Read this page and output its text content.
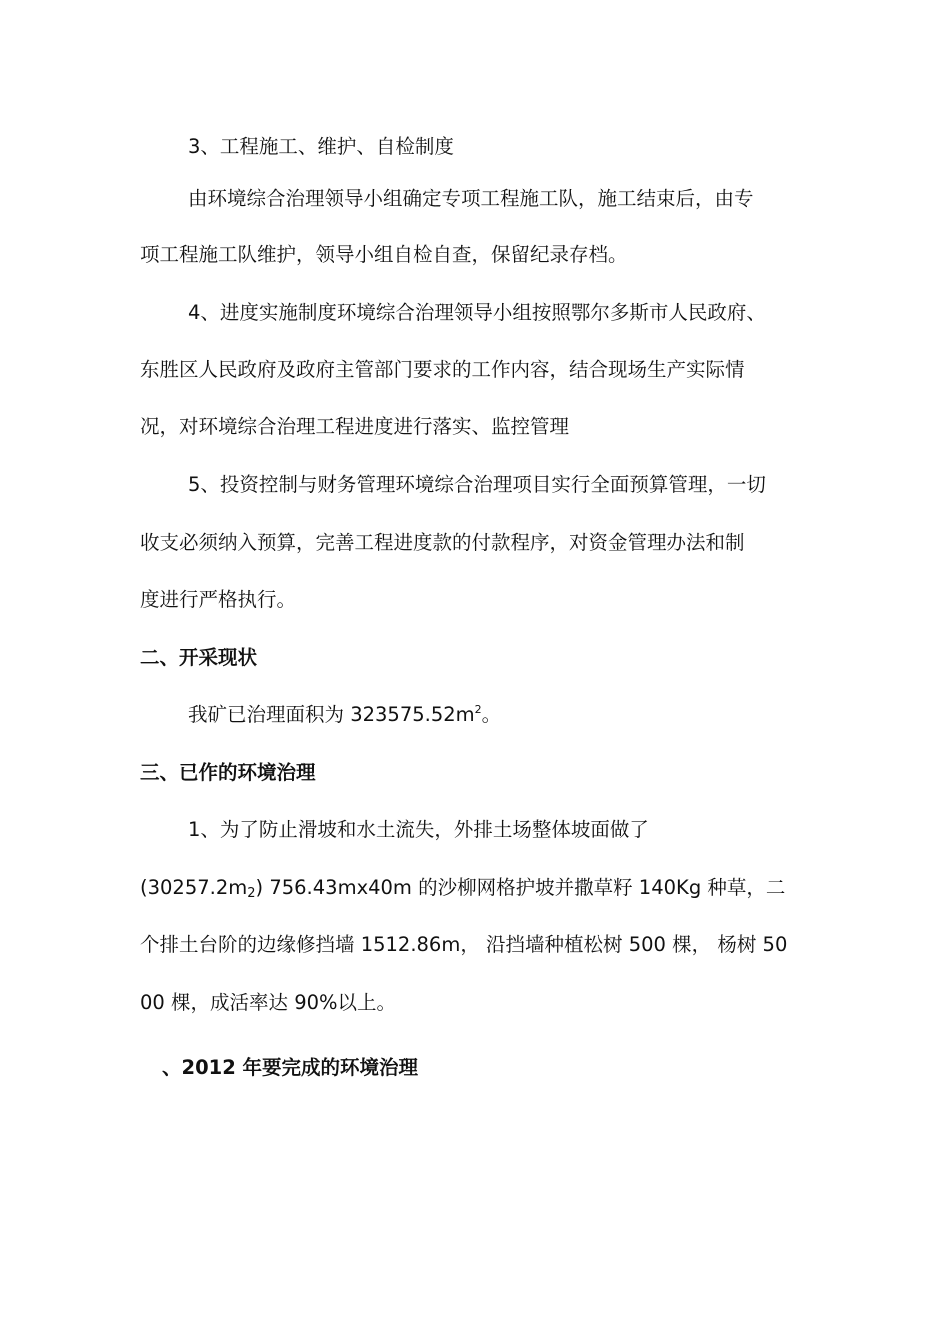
3、工程施工、维护、自检制度
由环境综合治理领导小组确定专项工程施工队，施工结束后，由专
项工程施工队维护，领导小组自检自查，保留纪录存档。
4、进度实施制度环境综合治理领导小组按照鄂尔多斯市人民政府、
东胜区人民政府及政府主管部门要求的工作内容，结合现场生产实际情
况，对环境综合治理工程进度进行落实、监控管理
5、投资控制与财务管理环境综合治理项目实行全面预算管理，一切
收支必须纳入预算，完善工程进度款的付款程序，对资金管理办法和制
度进行严格执行。
二、开采现状
我矿已治理面积为 $323575.52m^2$。
三、已作的环境治理
1、为了防止滑坡和水土流失，外排土场整体坡面做了
$(30257.2m_2)$ 756.43mx40m 的沙柳网格护坡并撒草籽 140Kg 种草，二
个排土台阶的边缘修挡墙 1512.86m， 沿挡墙种植松树 500 棵， 杨树 50
00 棵，成活率达 90%以上。
、2012 年要完成的环境治理
